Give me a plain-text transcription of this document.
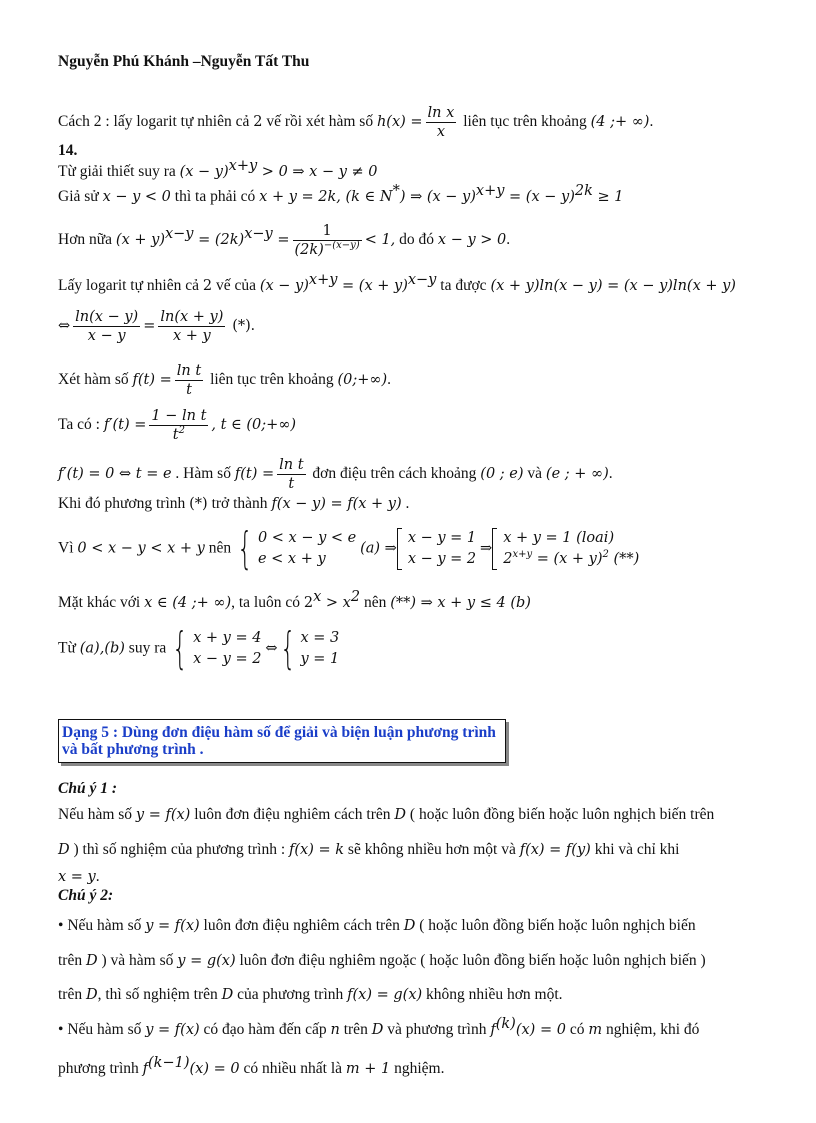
Nguyễn Phú Khánh –Nguyễn Tất Thu
Cách 2 : lấy logarit tự nhiên cả 2 vế rồi xét hàm số $h(x) = \frac{\text{ln x}}{x}$ liên tục trên khoảng (4 ;+ ∞).
14.
Từ giải thiết suy ra $(x - y)^{x+y} > 0$ ⇒ x − y ≠ 0
Giả sử x − y < 0 thì ta phải có x + y = 2k, (k ∈ N*) ⇒ $(x - y)^{x+y} = (x - y)^{2k} \ge 1$
Hơn nữa $(x + y)^{x-y} = (2k)^{x-y} = \frac{1}{(2k)^{-(x-y)}} < 1$, do đó x − y > 0.
Lấy logarit tự nhiên cả 2 vế của $(x - y)^{x+y} = (x + y)^{x-y}$ ta được (x + y)ln(x − y) = (x − y)ln(x + y)
⇔ $\frac{\ln(x - y)}{x - y} = \frac{\ln(x + y)}{x + y}$ (*).
Xét hàm số $f(t) = \frac{\text{ln t}}{t}$ liên tục trên khoảng (0;+∞).
Ta có : $f'(t) = \frac{\text{1 − ln t}}{t^2}$ , t ∈ (0;+∞)
f′(t) = 0 ⇔ t = e . Hàm số $f(t) = \frac{\text{ln t}}{t}$ đơn điệu trên cách khoảng (0 ; e) và (e ; + ∞).
Khi đó phương trình (*) trở thành f(x − y) = f(x + y) .
Vì 0 < x − y < x + y nên { 0 < x − y < e
e < x + y
(a) ⇒
x − y = 1
x − y = 2
⇒
x + y = 1 (loai)
$2^{x+y} = (x + y)^2$ (**)
Mặt khác với x ∈ (4 ;+ ∞), ta luôn có $2^x > x^2$ nên (**) ⇒ x + y ≤ 4 (b)
Từ (a),(b) suy ra { x + y = 4
x − y = 2
⇔{ x = 3
y = 1
Dạng 5 : Dùng đơn điệu hàm số để giải và biện luận phương trình
và bất phương trình .
Chú ý 1 :
Nếu hàm số y = f(x) luôn đơn điệu nghiêm cách trên D ( hoặc luôn đồng biến hoặc luôn nghịch biến trên
D ) thì số nghiệm của phương trình : f(x) = k sẽ không nhiều hơn một và f(x) = f(y) khi và chỉ khi
x = y.
Chú ý 2:
• Nếu hàm số y = f(x) luôn đơn điệu nghiêm cách trên D ( hoặc luôn đồng biến hoặc luôn nghịch biến
trên D ) và hàm số y = g(x) luôn đơn điệu nghiêm ngoặc ( hoặc luôn đồng biến hoặc luôn nghịch biến )
trên D, thì số nghiệm trên D của phương trình f(x) = g(x) không nhiều hơn một.
• Nếu hàm số y = f(x) có đạo hàm đến cấp n trên D và phương trình $f^{(k)}(x) = 0$ có m nghiệm, khi đó
phương trình $f^{(k-1)}(x) = 0$ có nhiều nhất là m + 1 nghiệm.
